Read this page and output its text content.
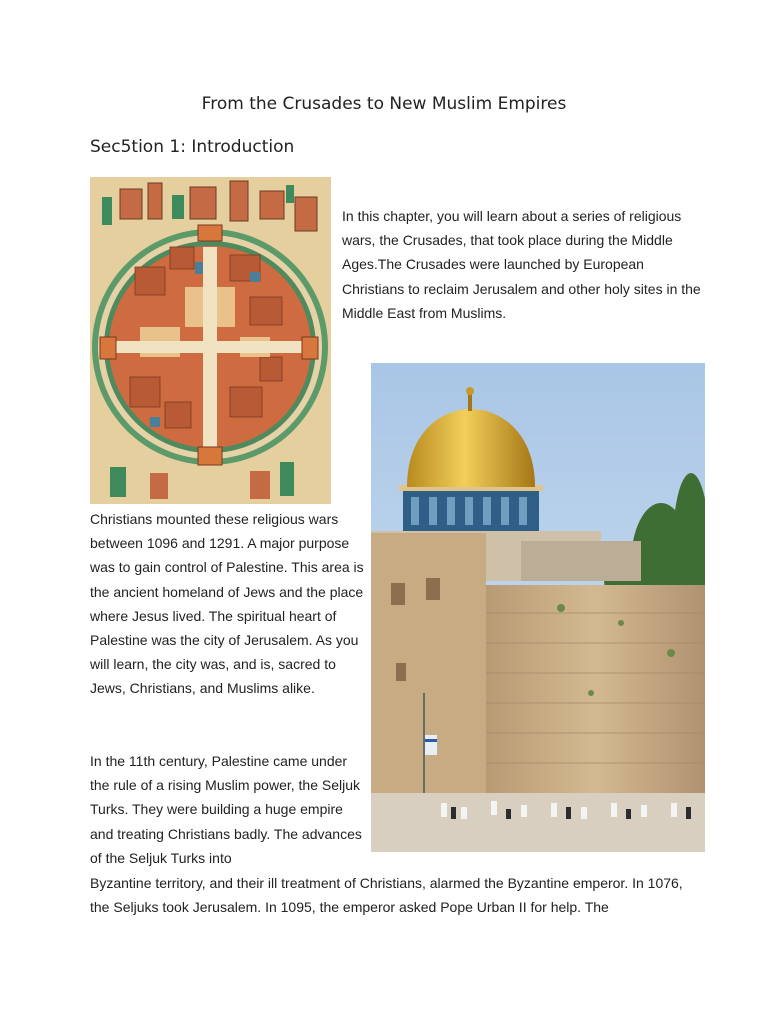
From the Crusades to New Muslim Empires
Sec5tion 1: Introduction

In this chapter, you will learn about a series of religious wars, the Crusades, that took place during the Middle Ages.The Crusades were launched by European Christians to reclaim Jerusalem and other holy sites in the Middle East from Muslims.

Christians mounted these religious wars between 1096 and 1291. A major purpose was to gain control of Palestine. This area is the ancient homeland of Jews and the place where Jesus lived. The spiritual heart of Palestine was the city of Jerusalem. As you will learn, the city was, and is, sacred to Jews, Christians, and Muslims alike.

In the 11th century, Palestine came under the rule of a rising Muslim power, the Seljuk Turks. They were building a huge empire and treating Christians badly. The advances of the Seljuk Turks into

Byzantine territory, and their ill treatment of Christians, alarmed the Byzantine emperor. In 1076, the Seljuks took Jerusalem. In 1095, the emperor asked Pope Urban II for help. The
